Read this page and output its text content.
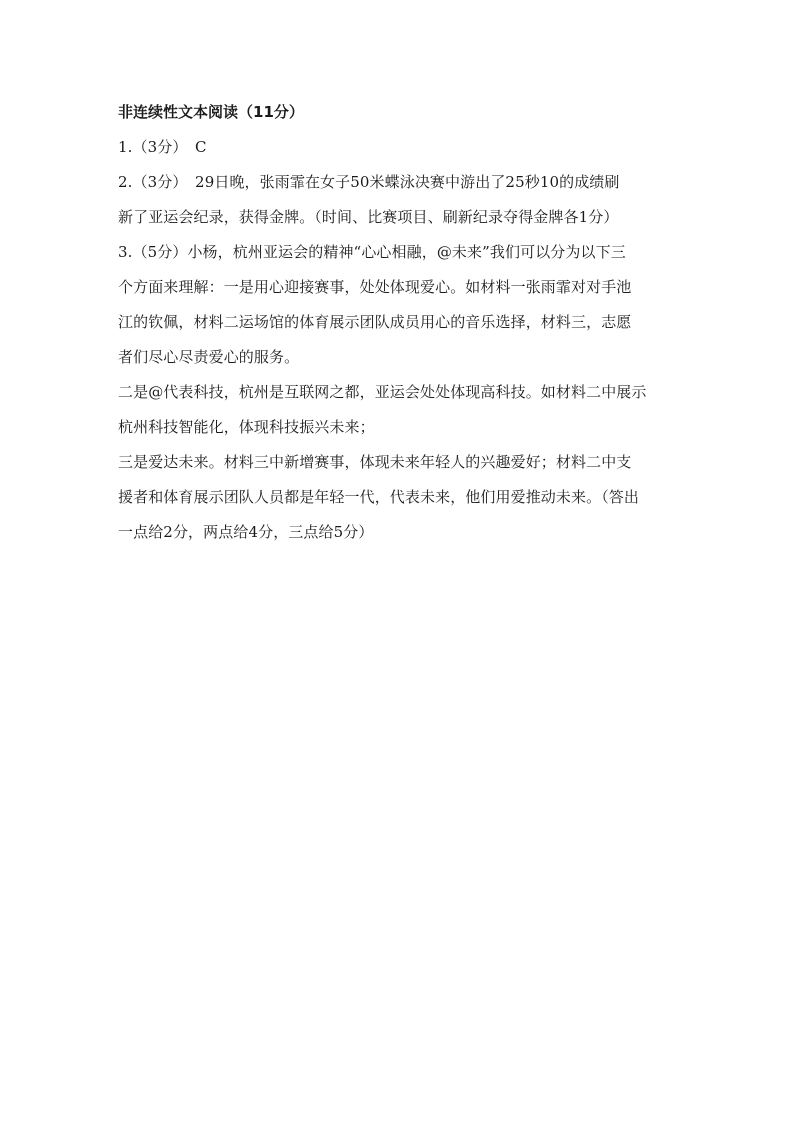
非连续性文本阅读（11分）
1.（3分）　C
2.（3分）　29日晚，张雨霏在女子50米蝶泳决赛中游出了25秒10的成绩刷
新了亚运会纪录，获得金牌。（时间、比赛项目、刷新纪录夺得金牌各1分）
3.（5分）小杨，杭州亚运会的精神“心心相融，@未来”我们可以分为以下三
个方面来理解：一是用心迎接赛事，处处体现爱心。如材料一张雨霏对对手池
江的钦佩，材料二运场馆的体育展示团队成员用心的音乐选择，材料三，志愿
者们尽心尽责爱心的服务。
二是@代表科技，杭州是互联网之都，亚运会处处体现高科技。如材料二中展示
杭州科技智能化，体现科技振兴未来；
三是爱达未来。材料三中新增赛事，体现未来年轻人的兴趣爱好；材料二中支
援者和体育展示团队人员都是年轻一代，代表未来，他们用爱推动未来。（答出
一点给2分，两点给4分，三点给5分）
